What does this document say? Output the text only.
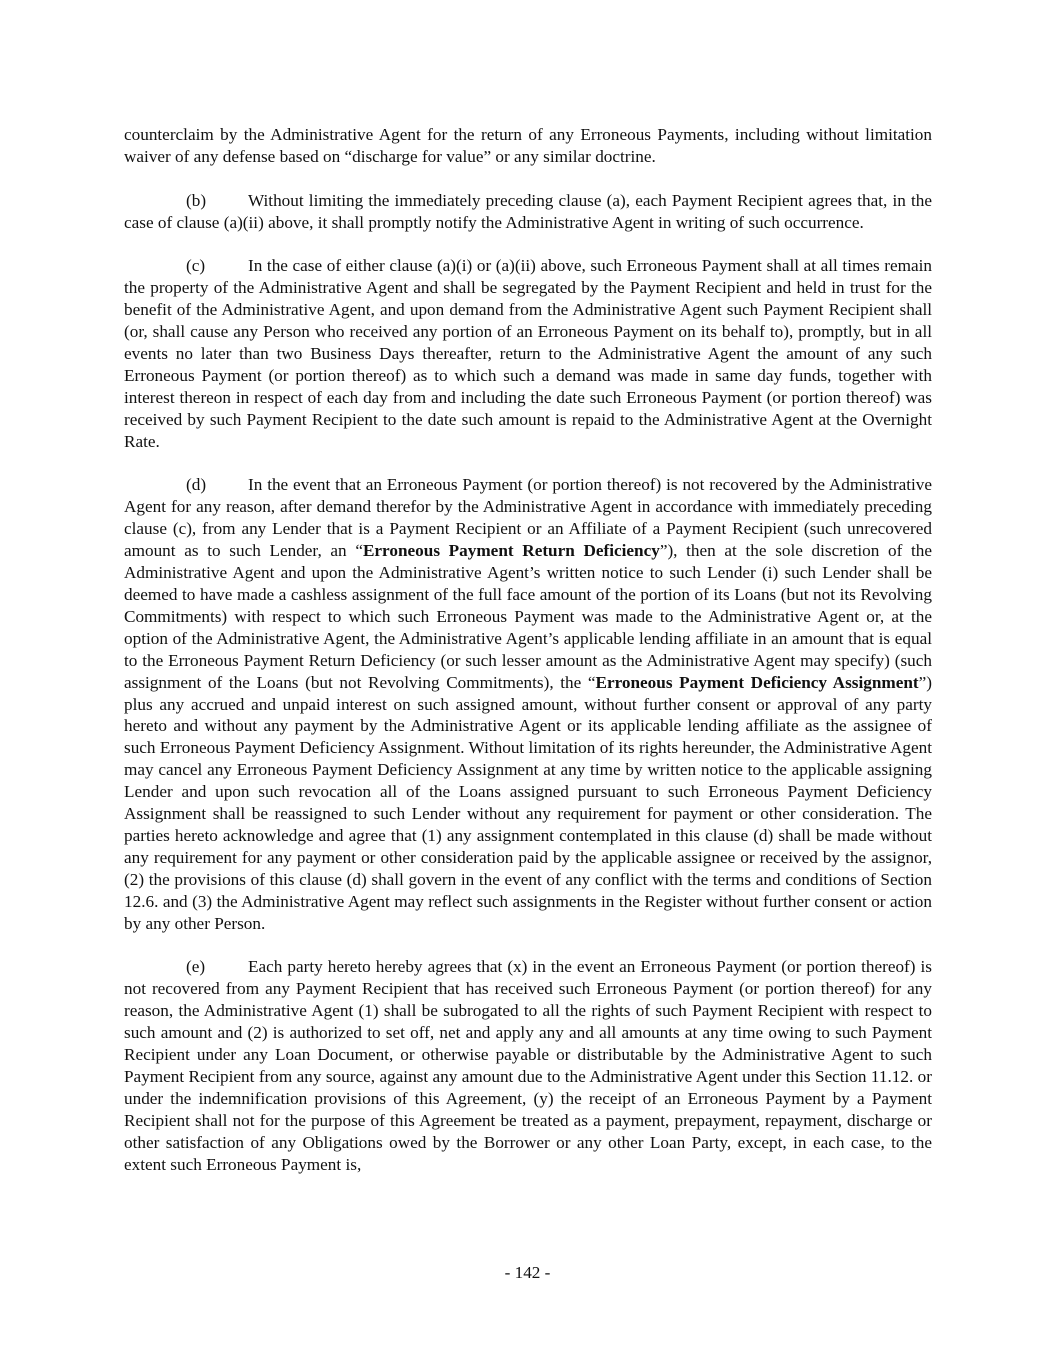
counterclaim by the Administrative Agent for the return of any Erroneous Payments, including without limitation waiver of any defense based on “discharge for value” or any similar doctrine.

(b) Without limiting the immediately preceding clause (a), each Payment Recipient agrees that, in the case of clause (a)(ii) above, it shall promptly notify the Administrative Agent in writing of such occurrence.

(c) In the case of either clause (a)(i) or (a)(ii) above, such Erroneous Payment shall at all times remain the property of the Administrative Agent and shall be segregated by the Payment Recipient and held in trust for the benefit of the Administrative Agent, and upon demand from the Administrative Agent such Payment Recipient shall (or, shall cause any Person who received any portion of an Erroneous Payment on its behalf to), promptly, but in all events no later than two Business Days thereafter, return to the Administrative Agent the amount of any such Erroneous Payment (or portion thereof) as to which such a demand was made in same day funds, together with interest thereon in respect of each day from and including the date such Erroneous Payment (or portion thereof) was received by such Payment Recipient to the date such amount is repaid to the Administrative Agent at the Overnight Rate.

(d) In the event that an Erroneous Payment (or portion thereof) is not recovered by the Administrative Agent for any reason, after demand therefor by the Administrative Agent in accordance with immediately preceding clause (c), from any Lender that is a Payment Recipient or an Affiliate of a Payment Recipient (such unrecovered amount as to such Lender, an “Erroneous Payment Return Deficiency”), then at the sole discretion of the Administrative Agent and upon the Administrative Agent’s written notice to such Lender (i) such Lender shall be deemed to have made a cashless assignment of the full face amount of the portion of its Loans (but not its Revolving Commitments) with respect to which such Erroneous Payment was made to the Administrative Agent or, at the option of the Administrative Agent, the Administrative Agent’s applicable lending affiliate in an amount that is equal to the Erroneous Payment Return Deficiency (or such lesser amount as the Administrative Agent may specify) (such assignment of the Loans (but not Revolving Commitments), the “Erroneous Payment Deficiency Assignment”) plus any accrued and unpaid interest on such assigned amount, without further consent or approval of any party hereto and without any payment by the Administrative Agent or its applicable lending affiliate as the assignee of such Erroneous Payment Deficiency Assignment. Without limitation of its rights hereunder, the Administrative Agent may cancel any Erroneous Payment Deficiency Assignment at any time by written notice to the applicable assigning Lender and upon such revocation all of the Loans assigned pursuant to such Erroneous Payment Deficiency Assignment shall be reassigned to such Lender without any requirement for payment or other consideration. The parties hereto acknowledge and agree that (1) any assignment contemplated in this clause (d) shall be made without any requirement for any payment or other consideration paid by the applicable assignee or received by the assignor, (2) the provisions of this clause (d) shall govern in the event of any conflict with the terms and conditions of Section 12.6. and (3) the Administrative Agent may reflect such assignments in the Register without further consent or action by any other Person.

(e) Each party hereto hereby agrees that (x) in the event an Erroneous Payment (or portion thereof) is not recovered from any Payment Recipient that has received such Erroneous Payment (or portion thereof) for any reason, the Administrative Agent (1) shall be subrogated to all the rights of such Payment Recipient with respect to such amount and (2) is authorized to set off, net and apply any and all amounts at any time owing to such Payment Recipient under any Loan Document, or otherwise payable or distributable by the Administrative Agent to such Payment Recipient from any source, against any amount due to the Administrative Agent under this Section 11.12. or under the indemnification provisions of this Agreement, (y) the receipt of an Erroneous Payment by a Payment Recipient shall not for the purpose of this Agreement be treated as a payment, prepayment, repayment, discharge or other satisfaction of any Obligations owed by the Borrower or any other Loan Party, except, in each case, to the extent such Erroneous Payment is,

- 142 -
